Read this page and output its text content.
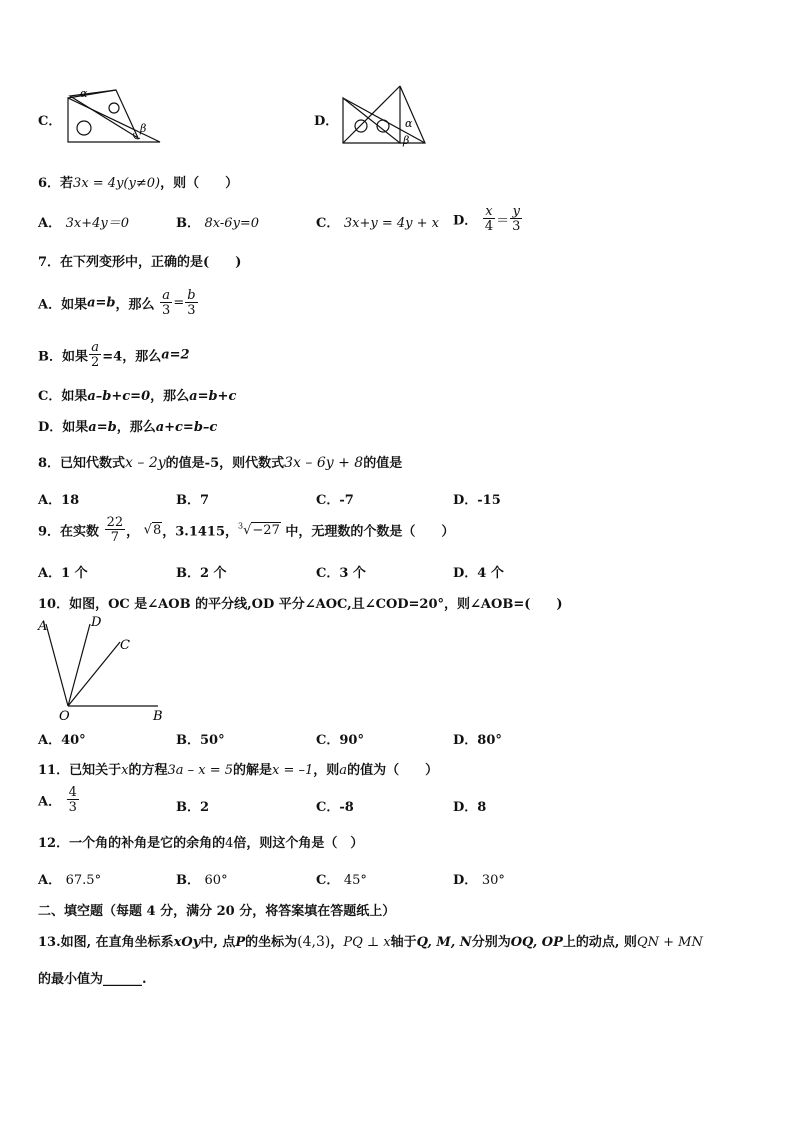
C．
α
β	D．	α
β
6．若3x = 4y(y≠0)，则（　　）
A． 3x+4y＝0	B． 8x-6y=0	C． 3x+y = 4y + x D． $\frac{x}{4} = \frac{y}{3}$
7．在下列变形中，正确的是(　　)
A．如果a=b，那么 $\frac{a}{3} = \frac{b}{3}$
B．如果 $\frac{a}{2} =4$，那么a=2
C．如果a–b+c=0，那么a=b+c
D．如果a=b，那么a+c=b–c
8．已知代数式x – 2y的值是-5，则代数式3x – 6y + 8的值是
A．18	B．7	C．-7	D．-15
9．在实数 $\frac{22}{7}$ ， √8，3.1415，$^3$√−27 中，无理数的个数是（　　）
A．1 个	B．2 个	C．3 个	D．4 个
10．如图，OC 是∠AOB 的平分线,OD 平分∠AOC,且∠COD=20°，则∠AOB=(　　)
A	D
C
O	B
A．40°	B．50°	C．90°	D．80°
11．已知关于x的方程3a – x = 5的解是x = –1，则a的值为（　　）
A． $\frac{4}{3}$	B．2	C．-8	D．8
12．一个角的补角是它的余角的4倍，则这个角是（　）
A． 67.5°	B． 60°	C． 45°	D． 30°
二、填空题（每题 4 分，满分 20 分，将答案填在答题纸上）
13.如图, 在直角坐标系xOy中, 点P的坐标为(4,3)，PQ ⊥ x轴于Q, M, N分别为OQ, OP上的动点, 则QN + MN
的最小值为______.
